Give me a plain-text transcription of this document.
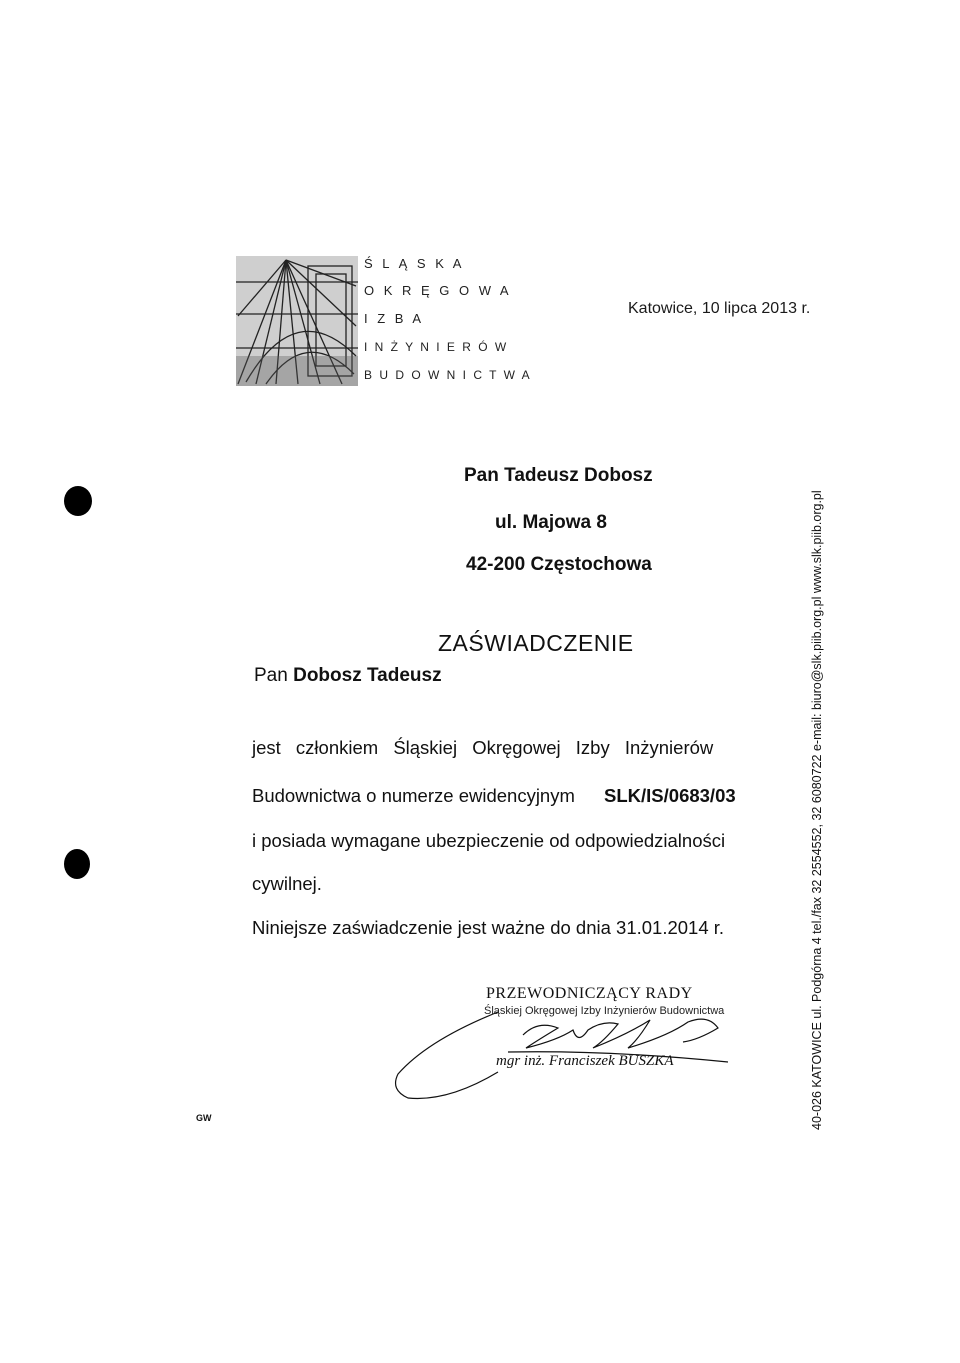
Ś L Ą S K A
O K R Ę G O W A
I Z B A
I N Ż Y N I E R Ó W
B U D O W N I C T W A
Katowice, 10 lipca 2013 r.
Pan Tadeusz Dobosz
ul. Majowa 8
42-200 Częstochowa
ZAŚWIADCZENIE
Pan Dobosz Tadeusz
jest członkiem Śląskiej Okręgowej Izby Inżynierów
Budownictwa o numerze ewidencyjnym SLK/IS/0683/03
i posiada wymagane ubezpieczenie od odpowiedzialności
cywilnej.
Niniejsze zaświadczenie jest ważne do dnia 31.01.2014 r.
PRZEWODNICZĄCY RADY
Śląskiej Okręgowej Izby Inżynierów Budownictwa
mgr inż. Franciszek BUSZKA	40-026 KATOWICE ul. Podgórna 4 tel./fax 32 2554552, 32 6080722 e-mail: biuro@slk.piib.org.pl www.slk.piib.org.pl
GW
